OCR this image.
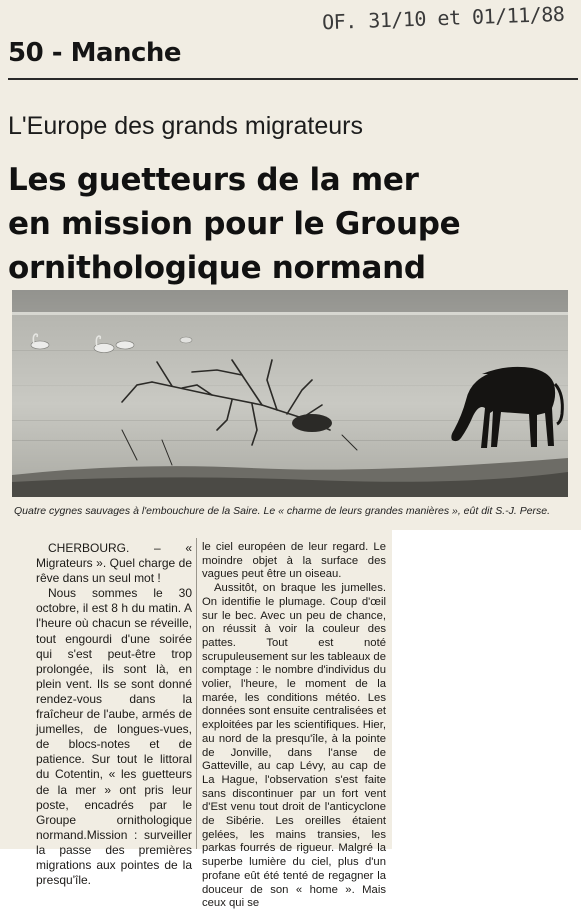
OF. 31/10 et 01/11/88
50 - Manche
L'Europe des grands migrateurs
Les guetteurs de la mer
en mission pour le Groupe
ornithologique normand
Quatre cygnes sauvages à l'embouchure de la Saire. Le « charme de leurs grandes manières », eût dit S.-J. Perse.

CHERBOURG. – « Migrateurs ». Quel charge de rêve dans un seul mot !

Nous sommes le 30 octobre, il est 8 h du matin. A l'heure où chacun se réveille, tout engourdi d'une soirée qui s'est peut-être trop prolongée, ils sont là, en plein vent. Ils se sont donné rendez-vous dans la fraîcheur de l'aube, armés de jumelles, de longues-vues, de blocs-notes et de patience. Sur tout le littoral du Cotentin, « les guetteurs de la mer » ont pris leur poste, encadrés par le Groupe ornithologique normand.Mission : surveiller la passe des premières migrations aux pointes de la presqu'île.

le ciel européen de leur regard. Le moindre objet à la surface des vagues peut être un oiseau.

Aussitôt, on braque les jumelles. On identifie le plumage. Coup d'œil sur le bec. Avec un peu de chance, on réussit à voir la couleur des pattes. Tout est noté scrupuleusement sur les tableaux de comptage : le nombre d'individus du volier, l'heure, le moment de la marée, les conditions météo. Les données sont ensuite centralisées et exploitées par les scientifiques. Hier, au nord de la presqu'île, à la pointe de Jonville, dans l'anse de Gatteville, au cap Lévy, au cap de La Hague, l'observation s'est faite sans discontinuer par un fort vent d'Est venu tout droit de l'anticyclone de Sibérie. Les oreilles étaient gelées, les mains transies, les parkas fourrés de rigueur. Malgré la superbe lumière du ciel, plus d'un profane eût été tenté de regagner la douceur de son « home ». Mais ceux qui se
